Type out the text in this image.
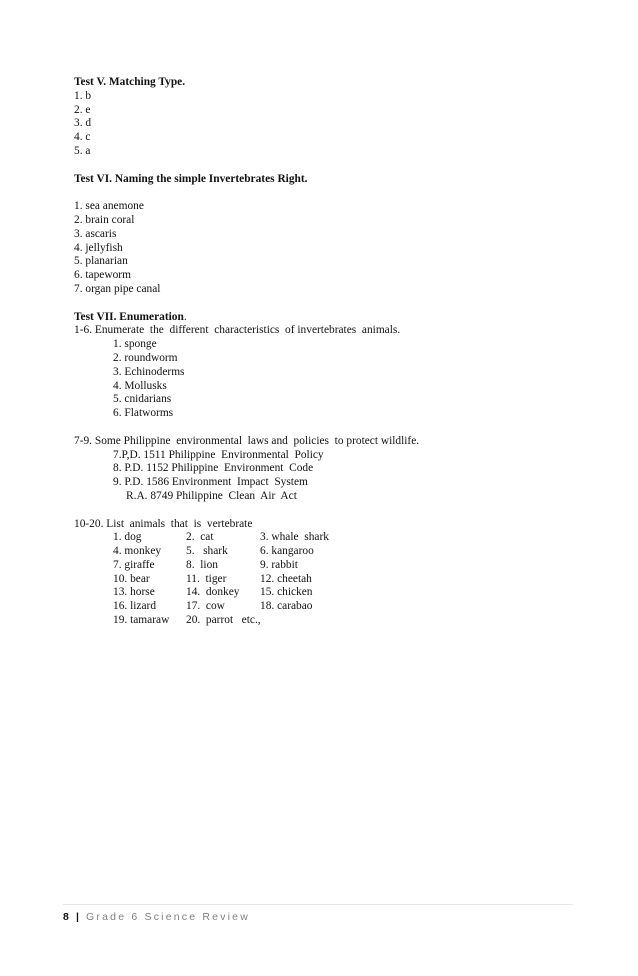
Test V. Matching Type.
1. b
2. e
3. d
4. c
5. a
Test VI. Naming the simple Invertebrates Right.
1. sea anemone
2. brain coral
3. ascaris
4. jellyfish
5. planarian
6. tapeworm
7. organ pipe canal
Test VII. Enumeration.
1-6. Enumerate  the  different  characteristics  of invertebrates  animals.
1. sponge
2. roundworm
3. Echinoderms
4. Mollusks
5. cnidarians
6. Flatworms
7-9. Some Philippine  environmental  laws and  policies  to protect wildlife.
7.P,D. 1511 Philippine  Environmental  Policy
8. P.D. 1152 Philippine  Environment  Code
9. P.D. 1586 Environment  Impact  System
R.A. 8749 Philippine  Clean  Air  Act
10-20. List  animals  that  is  vertebrate
1. dog	2.  cat	3. whale  shark
4. monkey	5.   shark	6. kangaroo
7. giraffe	8.  lion	9. rabbit
10. bear	11.  tiger	12. cheetah
13. horse	14.  donkey	15. chicken
16. lizard	17.  cow	18. carabao
19. tamaraw	20.  parrot   etc.,
8 | Grade 6 Science Review
